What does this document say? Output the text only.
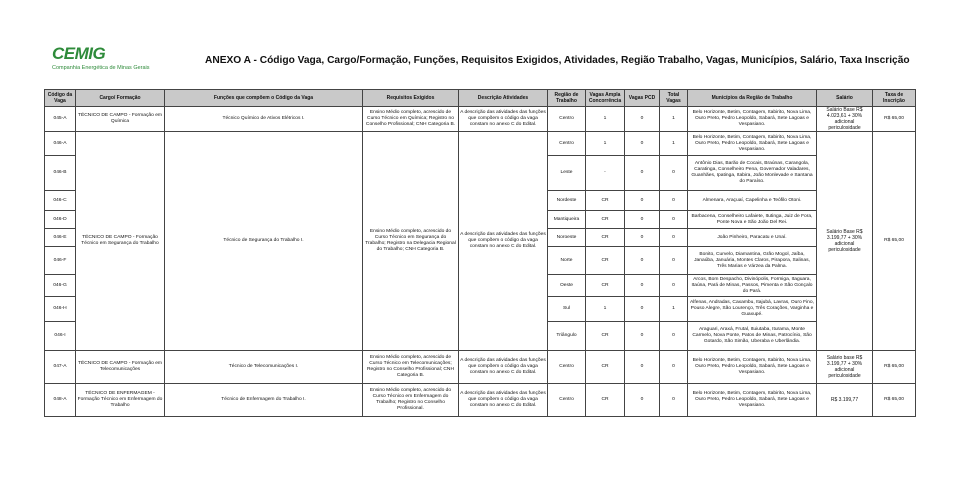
CEMIG
Companhia Energética de Minas Gerais
ANEXO A - Código Vaga, Cargo/Formação, Funções, Requisitos Exigidos, Atividades, Região Trabalho, Vagas, Municípios, Salário, Taxa Inscrição
Código da Vaga	Cargo/ Formação	Funções que compõem o Código da Vaga	Requisitos Exigidos	Descrição Atividades	Região de Trabalho	Vagas Ampla Concorrência	Vagas PCD	Total Vagas	Municípios da Região de Trabalho	Salário	Taxa de Inscrição
045-A	TÉCNICO DE CAMPO - Formação em Química	Técnico Químico de Ativos Elétricos I.	Ensino Médio completo, acrescido de Curso Técnico em Química; Registro no Conselho Profissional; CNH Categoria B.	A descrição das atividades das funções que compõem o código da vaga constam no anexo C do Edital.	Centro	1	0	1	Belo Horizonte, Betim, Contagem, Itabirito, Nova Lima, Ouro Preto, Pedro Leopoldo, Sabará, Sete Lagoas e Vespasiano.	Salário Base R$ 4.023,61 + 30% adicional periculosidade	R$ 65,00
046-A	TÉCNICO DE CAMPO - Formação Técnico em Segurança do Trabalho	Técnico de Segurança do Trabalho I.	Ensino Médio completo, acrescido do Curso Técnico em Segurança do Trabalho; Registro na Delegacia Regional do Trabalho; CNH Categoria B.	A descrição das atividades das funções que compõem o código da vaga constam no anexo C do Edital.	Centro	1	0	1	Belo Horizonte, Betim, Contagem, Itabirito, Nova Lima, Ouro Preto, Pedro Leopoldo, Sabará, Sete Lagoas e Vespasiano.	Salário Base R$ 3.199,77 + 30% adicional periculosidade	R$ 65,00
046-B					Leste	-	0	0	Antônio Dias, Barão de Cocais, Braúnas, Carangola, Caratinga, Conselheiro Pena, Governador Valadares, Guanhães, Ipatinga, Itabira, João Monlevade e Santana do Paraíso.		
046-C					Nordeste	CR	0	0	Almenara, Araçuaí, Capelinha e Teófilo Otoni.		
046-D					Mantiqueira	CR	0	0	Barbacena, Conselheiro Lafaiete, Itutinga, Juiz de Fora, Ponte Nova e São João Del Rei.		
046-E					Noroeste	CR	0	0	João Pinheiro, Paracatu e Unaí.		
046-F					Norte	CR	0	0	Bonito, Curvelo, Diamantina, Grão Mogol, Jaíba, Janaúba, Januária, Montes Claros, Pirapora, Salinas, Três Marias e Várzea da Palma.		
046-G					Oeste	CR	0	0	Arcos, Bom Despacho, Divinópolis, Formiga, Itaguara, Itaúna, Pará de Minas, Passos, Pimenta e São Gonçalo do Pará.		
046-H					Sul	1	0	1	Alfenas, Andradas, Caxambu, Itajubá, Lavras, Ouro Fino, Pouso Alegre, São Lourenço, Três Corações, Varginha e Guaxupé.		
046-I					Triângulo	CR	0	0	Araguari, Araxá, Frutal, Ituiutaba, Iturama, Monte Carmelo, Nova Ponte, Patos de Minas, Patrocínio, São Gotardo, São Simão, Uberaba e Uberlândia.		
047-A	TÉCNICO DE CAMPO - Formação em Telecomunicações	Técnico de Telecomunicações I.	Ensino Médio completo, acrescido de Curso Técnico em Telecomunicações; Registro no Conselho Profissional; CNH Categoria B.	A descrição das atividades das funções que compõem o código da vaga constam no anexo C do Edital.	Centro	CR	0	0	Belo Horizonte, Betim, Contagem, Itabirito, Nova Lima, Ouro Preto, Pedro Leopoldo, Sabará, Sete Lagoas e Vespasiano.	Salário base R$ 3.199,77 + 30% adicional periculosidade	R$ 65,00
048-A	TÉCNICO DE ENFERMAGEM - Formação Técnico em Enfermagem do Trabalho	Técnico de Enfermagem do Trabalho I.	Ensino Médio completo, acrescido do Curso Técnico em Enfermagem do Trabalho; Registro no Conselho Profissional.	A descrição das atividades das funções que compõem o código da vaga constam no anexo C do Edital.	Centro	CR	0	0	Belo Horizonte, Betim, Contagem, Itabirito, Nova Lima, Ouro Preto, Pedro Leopoldo, Sabará, Sete Lagoas e Vespasiano.	R$ 3.199,77	R$ 65,00
